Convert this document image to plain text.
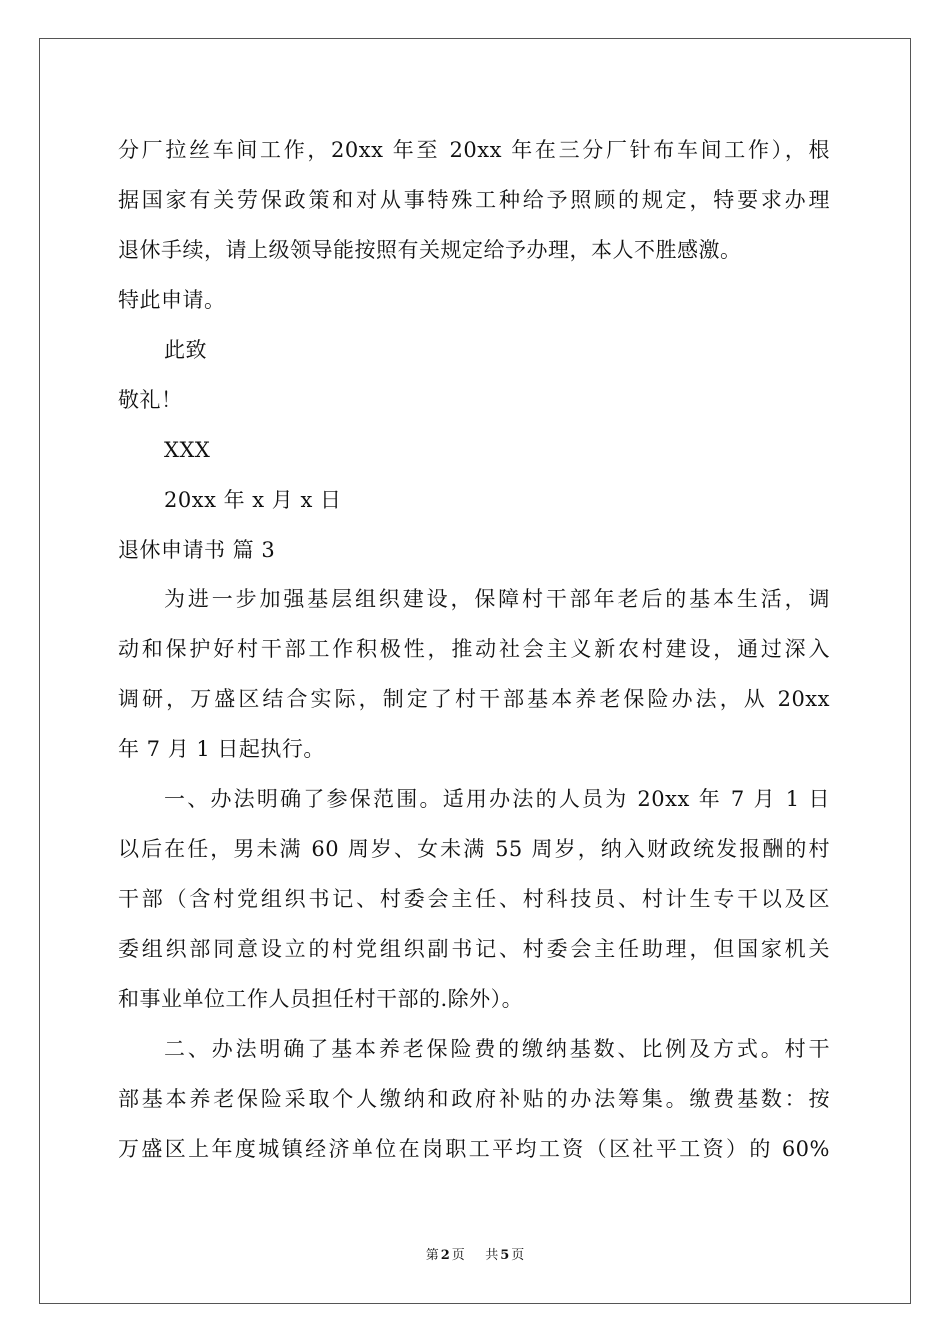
分厂拉丝车间工作，20xx 年至 20xx 年在三分厂针布车间工作），根
据国家有关劳保政策和对从事特殊工种给予照顾的规定，特要求办理
退休手续，请上级领导能按照有关规定给予办理，本人不胜感激。
特此申请。
此致
敬礼！
XXX
20xx 年 x 月 x 日
退休申请书 篇 3
为进一步加强基层组织建设，保障村干部年老后的基本生活，调
动和保护好村干部工作积极性，推动社会主义新农村建设，通过深入
调研，万盛区结合实际，制定了村干部基本养老保险办法，从 20xx
年 7 月 1 日起执行。
一、办法明确了参保范围。适用办法的人员为 20xx 年 7 月 1 日
以后在任，男未满 60 周岁、女未满 55 周岁，纳入财政统发报酬的村
干部（含村党组织书记、村委会主任、村科技员、村计生专干以及区
委组织部同意设立的村党组织副书记、村委会主任助理，但国家机关
和事业单位工作人员担任村干部的.除外）。
二、办法明确了基本养老保险费的缴纳基数、比例及方式。村干
部基本养老保险采取个人缴纳和政府补贴的办法筹集。缴费基数：按
万盛区上年度城镇经济单位在岗职工平均工资（区社平工资）的 60%
第 2 页 共 5 页
